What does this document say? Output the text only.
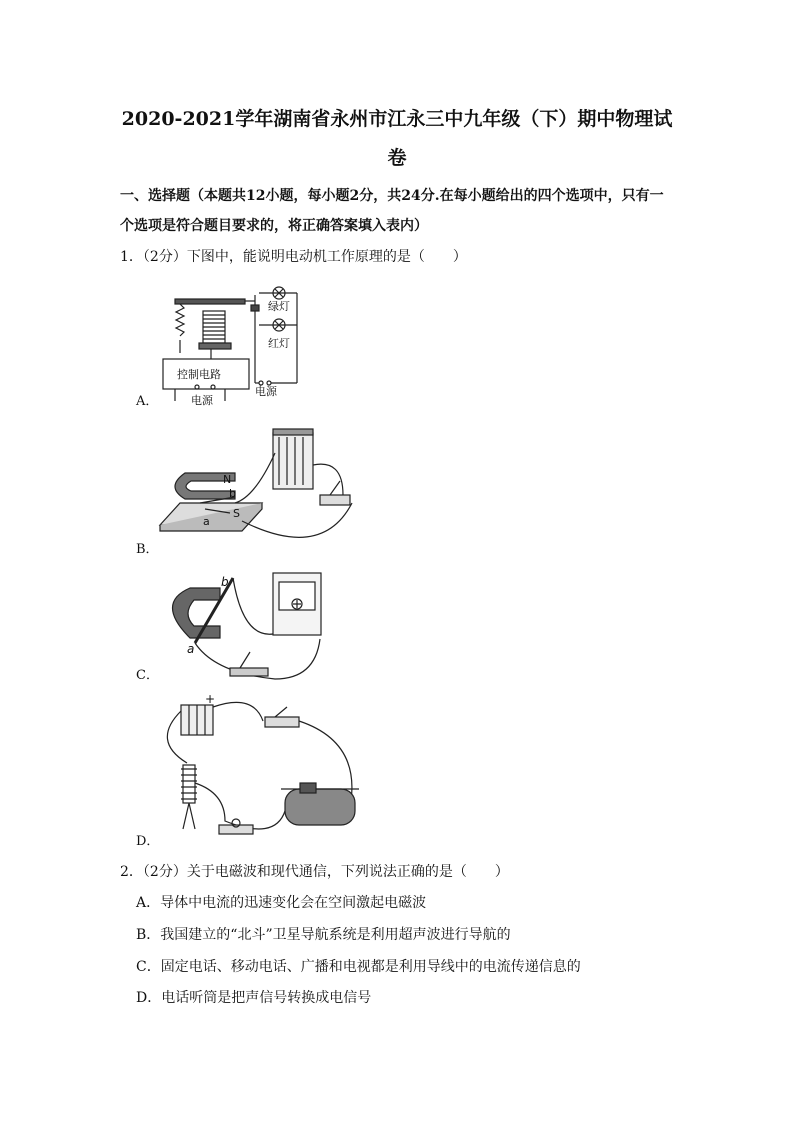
2020-2021学年湖南省永州市江永三中九年级（下）期中物理试
卷
一、选择题（本题共12小题，每小题2分，共24分.在每小题给出的四个选项中，只有一
个选项是符合题目要求的，将正确答案填入表内）
1．（2分）下图中，能说明电动机工作原理的是（　　）
A．
绿灯
红灯
控制电路
电源
电源
B．
N
S
a
b
C．
a
b
D．
+
2．（2分）关于电磁波和现代通信，下列说法正确的是（　　）
A．导体中电流的迅速变化会在空间激起电磁波
B．我国建立的“北斗”卫星导航系统是利用超声波进行导航的
C．固定电话、移动电话、广播和电视都是利用导线中的电流传递信息的
D．电话听筒是把声信号转换成电信号
